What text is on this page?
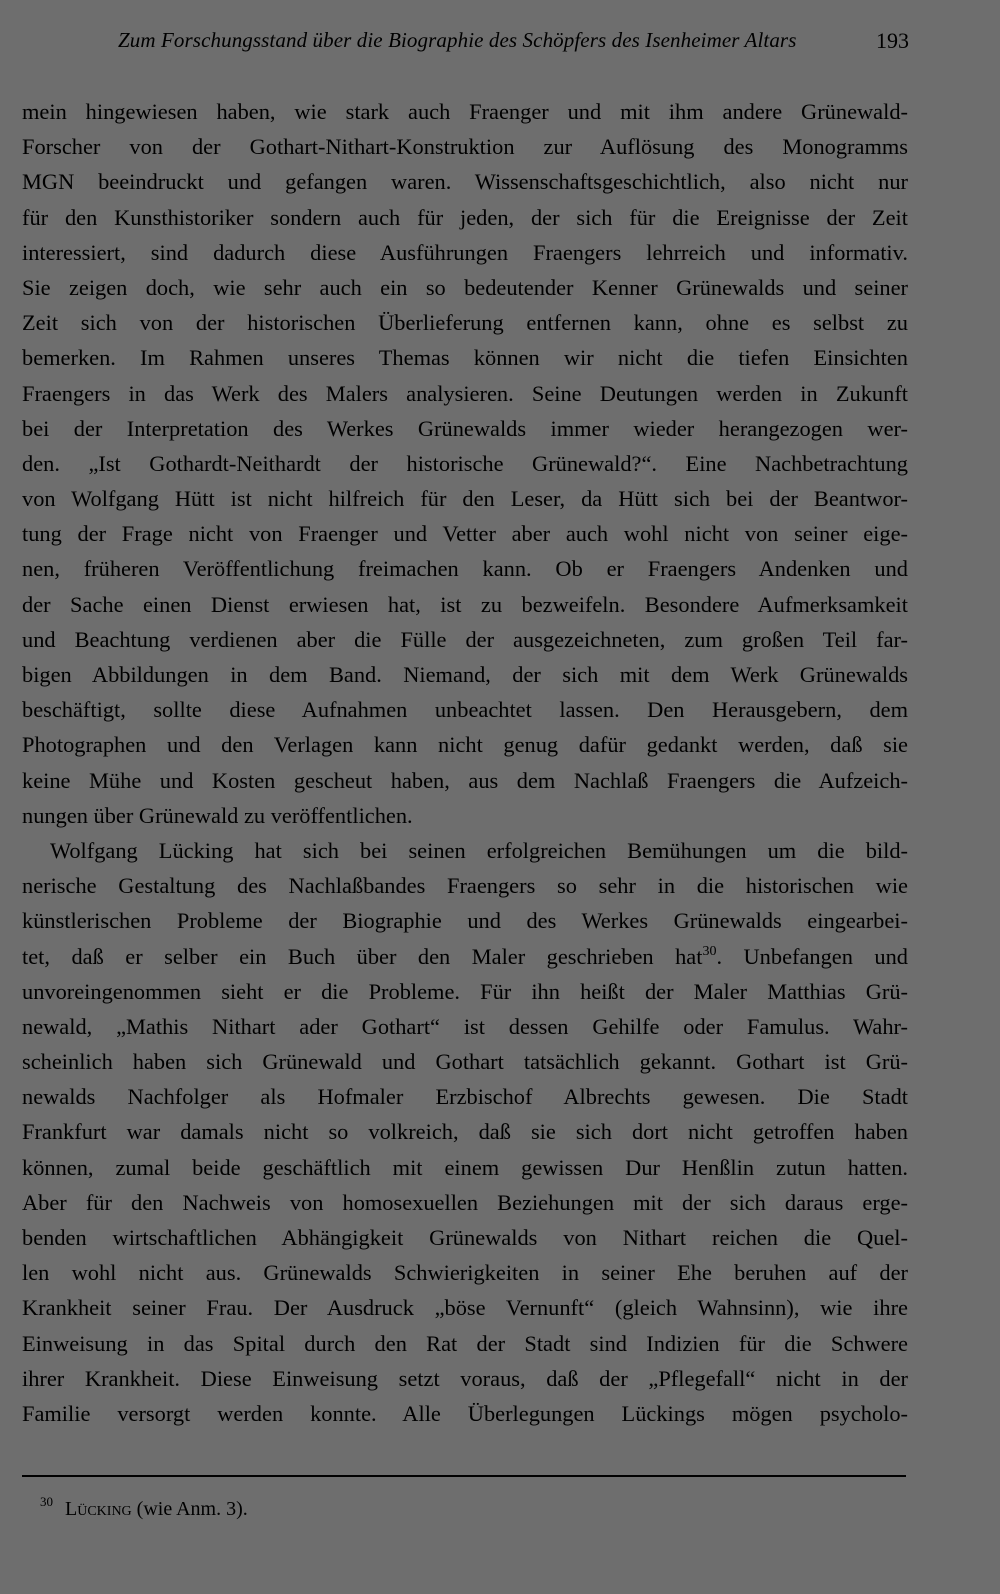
Zum Forschungsstand über die Biographie des Schöpfers des Isenheimer Altars	193
mein hingewiesen haben, wie stark auch Fraenger und mit ihm andere Grünewald-
Forscher von der Gothart-Nithart-Konstruktion zur Auflösung des Monogramms
MGN beeindruckt und gefangen waren. Wissenschaftsgeschichtlich, also nicht nur
für den Kunsthistoriker sondern auch für jeden, der sich für die Ereignisse der Zeit
interessiert, sind dadurch diese Ausführungen Fraengers lehrreich und informativ.
Sie zeigen doch, wie sehr auch ein so bedeutender Kenner Grünewalds und seiner
Zeit sich von der historischen Überlieferung entfernen kann, ohne es selbst zu
bemerken. Im Rahmen unseres Themas können wir nicht die tiefen Einsichten
Fraengers in das Werk des Malers analysieren. Seine Deutungen werden in Zukunft
bei der Interpretation des Werkes Grünewalds immer wieder herangezogen wer-
den. „Ist Gothardt-Neithardt der historische Grünewald?“. Eine Nachbetrachtung
von Wolfgang Hütt ist nicht hilfreich für den Leser, da Hütt sich bei der Beantwor-
tung der Frage nicht von Fraenger und Vetter aber auch wohl nicht von seiner eige-
nen, früheren Veröffentlichung freimachen kann. Ob er Fraengers Andenken und
der Sache einen Dienst erwiesen hat, ist zu bezweifeln. Besondere Aufmerksamkeit
und Beachtung verdienen aber die Fülle der ausgezeichneten, zum großen Teil far-
bigen Abbildungen in dem Band. Niemand, der sich mit dem Werk Grünewalds
beschäftigt, sollte diese Aufnahmen unbeachtet lassen. Den Herausgebern, dem
Photographen und den Verlagen kann nicht genug dafür gedankt werden, daß sie
keine Mühe und Kosten gescheut haben, aus dem Nachlaß Fraengers die Aufzeich-
nungen über Grünewald zu veröffentlichen.
Wolfgang Lücking hat sich bei seinen erfolgreichen Bemühungen um die bild-
nerische Gestaltung des Nachlaßbandes Fraengers so sehr in die historischen wie
künstlerischen Probleme der Biographie und des Werkes Grünewalds eingearbei-
tet, daß er selber ein Buch über den Maler geschrieben hat$^{30}$. Unbefangen und
unvoreingenommen sieht er die Probleme. Für ihn heißt der Maler Matthias Grü-
newald, „Mathis Nithart ader Gothart“ ist dessen Gehilfe oder Famulus. Wahr-
scheinlich haben sich Grünewald und Gothart tatsächlich gekannt. Gothart ist Grü-
newalds Nachfolger als Hofmaler Erzbischof Albrechts gewesen. Die Stadt
Frankfurt war damals nicht so volkreich, daß sie sich dort nicht getroffen haben
können, zumal beide geschäftlich mit einem gewissen Dur Henßlin zutun hatten.
Aber für den Nachweis von homosexuellen Beziehungen mit der sich daraus erge-
benden wirtschaftlichen Abhängigkeit Grünewalds von Nithart reichen die Quel-
len wohl nicht aus. Grünewalds Schwierigkeiten in seiner Ehe beruhen auf der
Krankheit seiner Frau. Der Ausdruck „böse Vernunft“ (gleich Wahnsinn), wie ihre
Einweisung in das Spital durch den Rat der Stadt sind Indizien für die Schwere
ihrer Krankheit. Diese Einweisung setzt voraus, daß der „Pflegefall“ nicht in der
Familie versorgt werden konnte. Alle Überlegungen Lückings mögen psycholo-
$^{30}$ Lücking (wie Anm. 3).
